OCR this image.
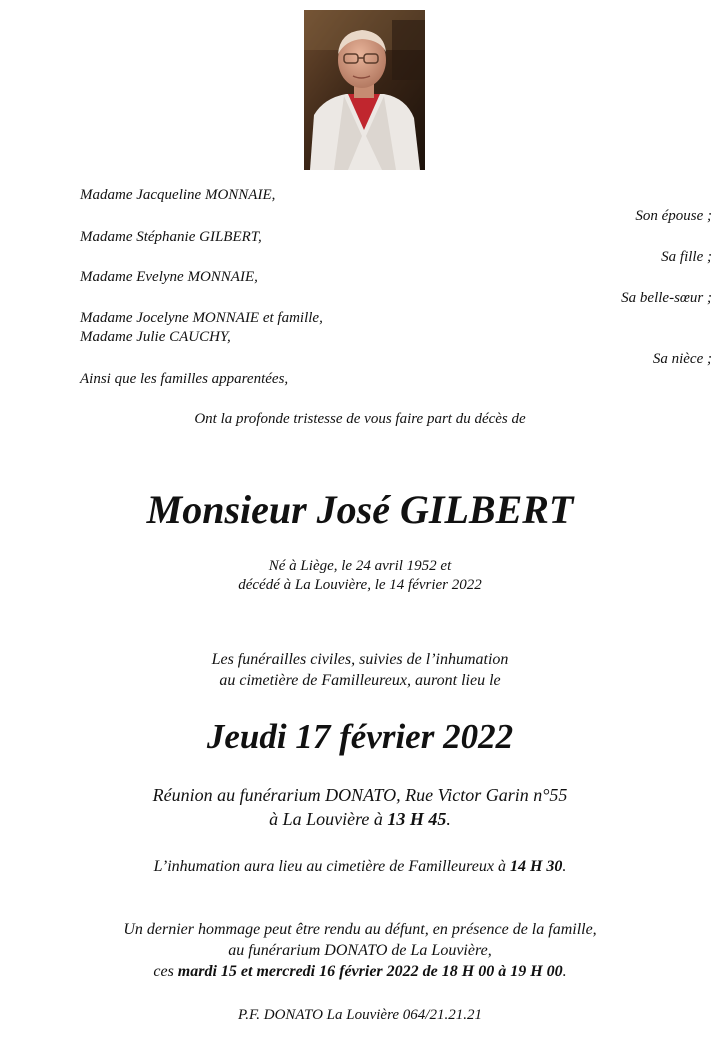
Madame Jacqueline MONNAIE,
Son épouse ;
Madame Stéphanie GILBERT,
Sa fille ;
Madame Evelyne MONNAIE,
Sa belle-sœur ;
Madame Jocelyne MONNAIE et famille,
Madame Julie CAUCHY,
Sa nièce ;
Ainsi que les familles apparentées,
Ont la profonde tristesse de vous faire part du décès de
Monsieur José GILBERT
Né à Liège, le 24 avril 1952 et
décédé à La Louvière, le 14 février 2022
Les funérailles civiles, suivies de l’inhumation
au cimetière de Familleureux, auront lieu le
Jeudi 17 février 2022
Réunion au funérarium DONATO, Rue Victor Garin n°55
à La Louvière à 13 H 45.
L’inhumation aura lieu au cimetière de Familleureux à 14 H 30.
Un dernier hommage peut être rendu au défunt, en présence de la famille,
au funérarium DONATO de La Louvière,
ces mardi 15 et mercredi 16 février 2022 de 18 H 00 à 19 H 00.
P.F. DONATO La Louvière 064/21.21.21
